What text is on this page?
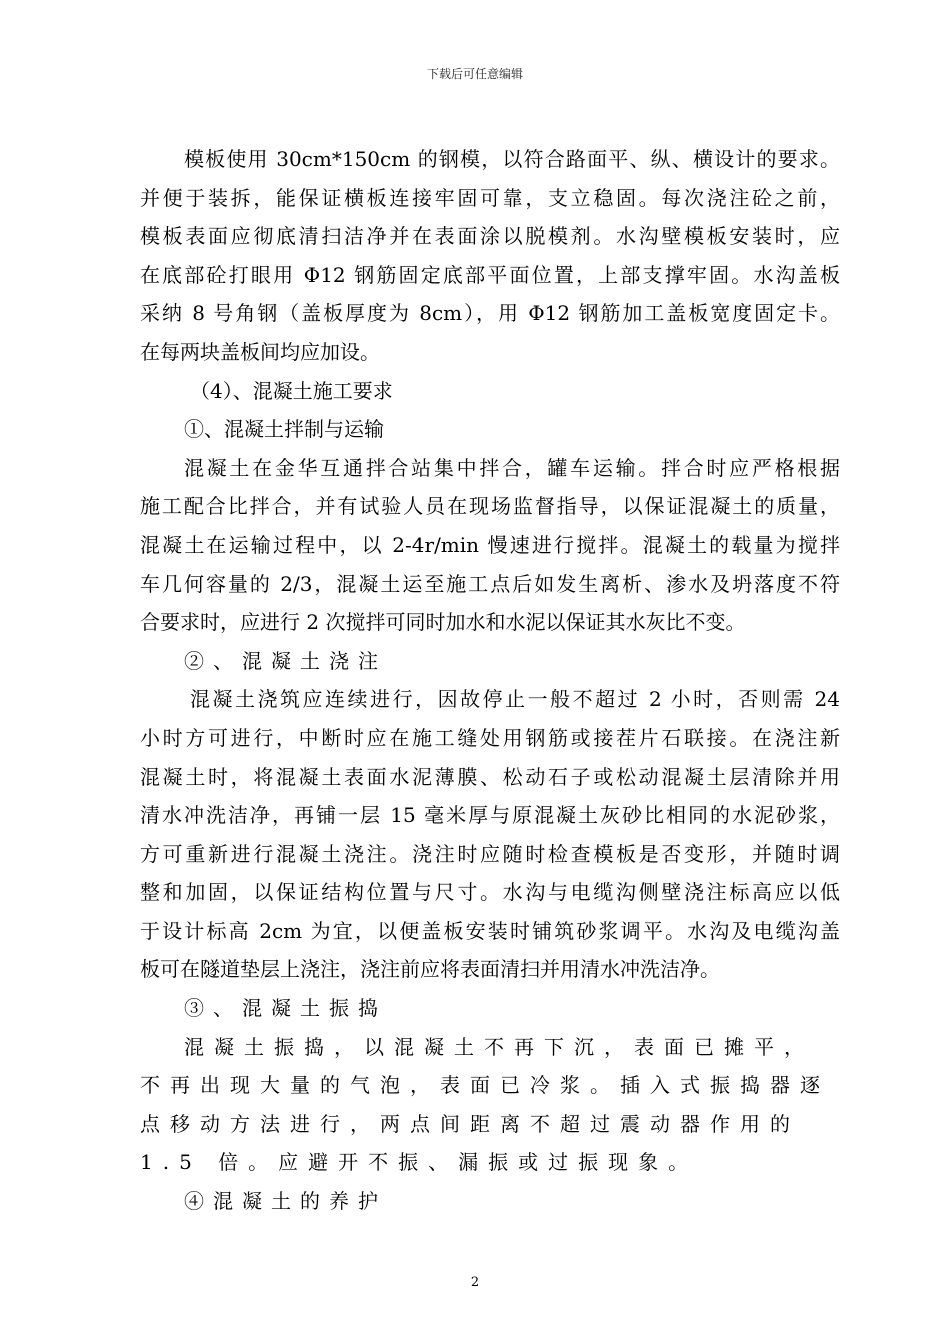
下载后可任意编辑
模板使用 30cm*150cm 的钢模，以符合路面平、纵、横设计的要求。
并便于装拆，能保证横板连接牢固可靠，支立稳固。每次浇注砼之前，
模板表面应彻底清扫洁净并在表面涂以脱模剂。水沟壁模板安装时，应
在底部砼打眼用 Φ12 钢筋固定底部平面位置，上部支撑牢固。水沟盖板
采纳 8 号角钢（盖板厚度为 8cm），用 Φ12 钢筋加工盖板宽度固定卡。
在每两块盖板间均应加设。
（4）、混凝土施工要求
①、混凝土拌制与运输
混凝土在金华互通拌合站集中拌合，罐车运输。拌合时应严格根据
施工配合比拌合，并有试验人员在现场监督指导，以保证混凝土的质量，
混凝土在运输过程中，以 2-4r/min 慢速进行搅拌。混凝土的载量为搅拌
车几何容量的 2/3，混凝土运至施工点后如发生离析、渗水及坍落度不符
合要求时，应进行 2 次搅拌可同时加水和水泥以保证其水灰比不变。
②、混凝土浇注
混凝土浇筑应连续进行，因故停止一般不超过 2 小时，否则需 24
小时方可进行，中断时应在施工缝处用钢筋或接茬片石联接。在浇注新
混凝土时，将混凝土表面水泥薄膜、松动石子或松动混凝土层清除并用
清水冲洗洁净，再铺一层 15 毫米厚与原混凝土灰砂比相同的水泥砂浆，
方可重新进行混凝土浇注。浇注时应随时检查模板是否变形，并随时调
整和加固，以保证结构位置与尺寸。水沟与电缆沟侧壁浇注标高应以低
于设计标高 2cm 为宜，以便盖板安装时铺筑砂浆调平。水沟及电缆沟盖
板可在隧道垫层上浇注，浇注前应将表面清扫并用清水冲洗洁净。
③、混凝土振捣
混凝土振捣，以混凝土不再下沉，表面已摊平，
不再出现大量的气泡，表面已冷浆。插入式振捣器逐
点移动方法进行，两点间距离不超过震动器作用的
1.5 倍。应避开不振、漏振或过振现象。
④混凝土的养护
2
